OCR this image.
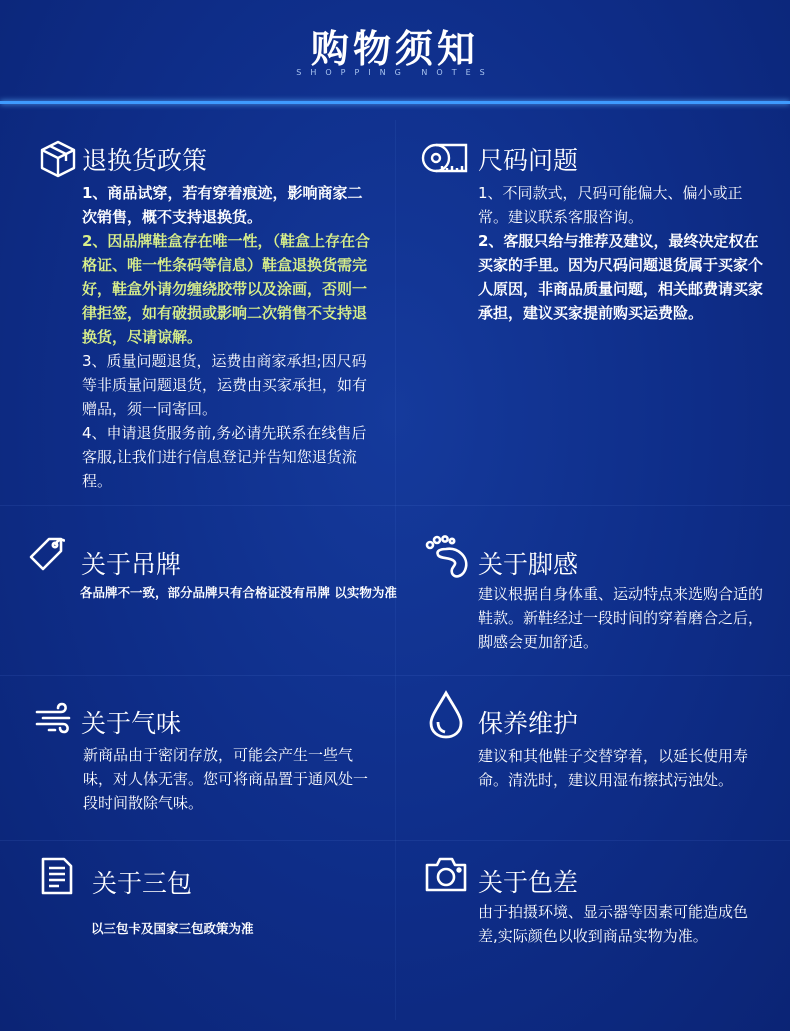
购物须知
SHOPPING NOTES
退换货政策
1、商品试穿，若有穿着痕迹，影响商家二次销售，概不支持退换货。
2、因品牌鞋盒存在唯一性，（鞋盒上存在合格证、唯一性条码等信息）鞋盒退换货需完好，鞋盒外请勿缠绕胶带以及涂画，否则一律拒签，如有破损或影响二次销售不支持退换货，尽请谅解。
3、质量问题退货，运费由商家承担;因尺码等非质量问题退货，运费由买家承担，如有赠品，须一同寄回。
4、申请退货服务前,务必请先联系在线售后客服,让我们进行信息登记并告知您退货流程。
尺码问题
1、不同款式，尺码可能偏大、偏小或正常。建议联系客服咨询。
2、客服只给与推荐及建议，最终决定权在买家的手里。因为尺码问题退货属于买家个人原因，非商品质量问题，相关邮费请买家承担，建议买家提前购买运费险。
关于吊牌
各品牌不一致，部分品牌只有合格证没有吊牌 以实物为准
关于脚感
建议根据自身体重、运动特点来选购合适的鞋款。新鞋经过一段时间的穿着磨合之后，脚感会更加舒适。
关于气味
新商品由于密闭存放，可能会产生一些气味，对人体无害。您可将商品置于通风处一段时间散除气味。
保养维护
建议和其他鞋子交替穿着，以延长使用寿命。清洗时，建议用湿布擦拭污浊处。
关于三包
以三包卡及国家三包政策为准
关于色差
由于拍摄环境、显示器等因素可能造成色差,实际颜色以收到商品实物为准。
